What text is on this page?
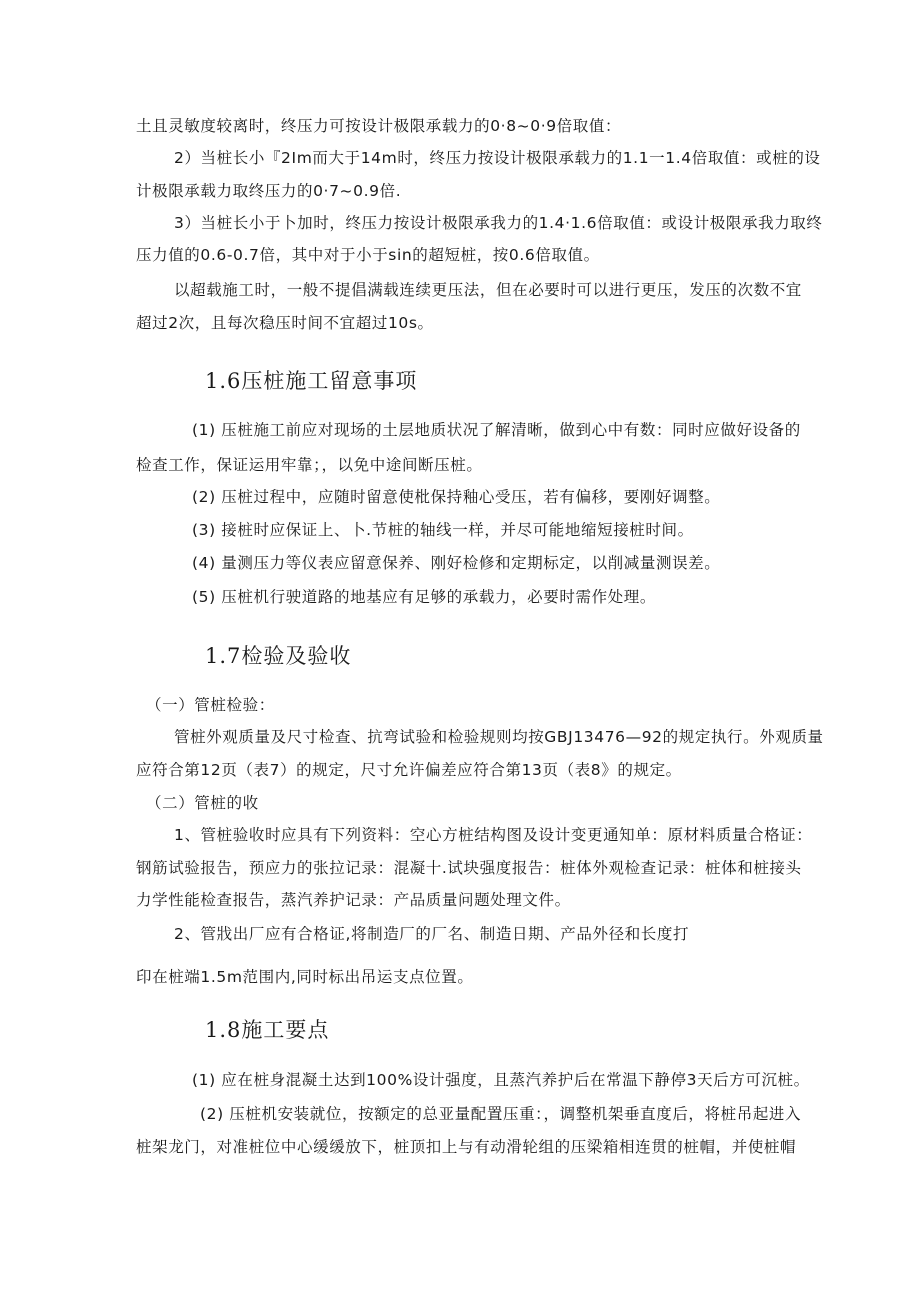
土且灵敏度较离时，终压力可按设计极限承载力的0·8~0·9倍取值：
2）当桩长小『2Im而大于14m时，终压力按设计极限承载力的1.1一1.4倍取值：或桩的设
计极限承载力取终压力的0·7~0.9倍.
3）当桩长小于卜加时，终压力按设计极限承我力的1.4·1.6倍取值：或设计极限承我力取终
压力值的0.6-0.7倍，其中对于小于sin的超短桩，按0.6倍取值。
以超载施工时，一般不提倡满载连续更压法，但在必要时可以进行更压，发压的次数不宜
超过2次，且每次稳压时间不宜超过10s。
1.6压桩施工留意事项
(1) 压桩施工前应对现场的土层地质状况了解清晰，做到心中有数：同时应做好设备的
检查工作，保证运用牢靠；，以免中途间断压桩。
(2) 压桩过程中，应随时留意使枇保持釉心受压，若有偏移，要刚好调整。
(3) 接桩时应保证上、卜.节桩的轴线一样，并尽可能地缩短接桩时间。
(4) 量测压力等仪表应留意保养、刚好检修和定期标定，以削减量测误差。
(5) 压桩机行驶道路的地基应有足够的承载力，必要时需作处理。
1.7检验及验收
（一）管桩检验：
管桩外观质量及尺寸检查、抗弯试验和检验规则均按GBJ13476—92的规定执行。外观质量
应符合第12页（表7）的规定，尺寸允许偏差应符合第13页（表8》的规定。
（二）管桩的收
1、管桩验收时应具有下列资料：空心方桩结构图及设计变更通知单：原材料质量合格证：
钢筋试验报告，预应力的张拉记录：混凝十.试块强度报告：桩体外观检查记录：桩体和桩接头
力学性能检查报告，蒸汽养护记录：产品质量问题处理文件。
2、管戕出厂应有合格证,将制造厂的厂名、制造日期、产品外径和长度打
印在桩端1.5m范围内,同时标出吊运支点位置。
1.8施工要点
(1) 应在桩身混凝土达到100%设计强度，且蒸汽养护后在常温下静停3天后方可沉桩。
(2) 压桩机安装就位，按额定的总亚量配置压重：，调整机架垂直度后，将桩吊起进入
桩架龙门，对准桩位中心缓缓放下，桩顶扣上与有动滑轮组的压梁箱相连贯的桩帽，并使桩帽
